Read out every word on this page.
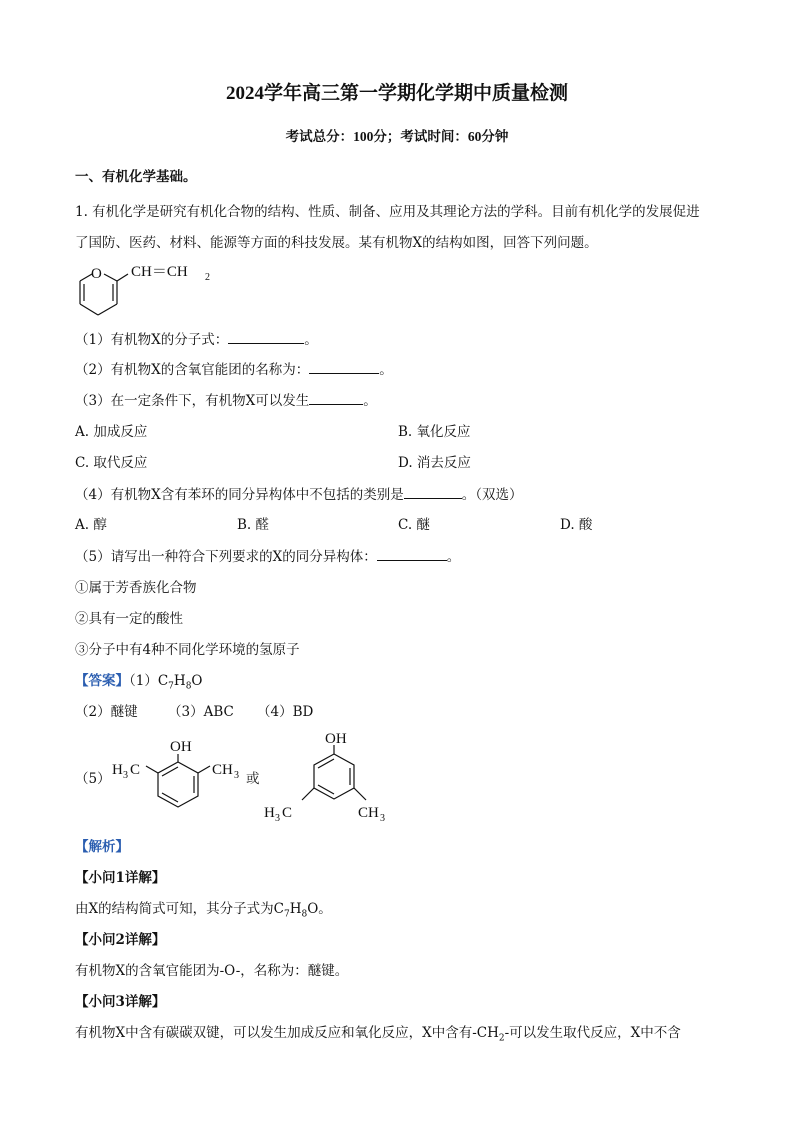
2024学年高三第一学期化学期中质量检测
考试总分：100分；考试时间：60分钟
一、有机化学基础。
1. 有机化学是研究有机化合物的结构、性质、制备、应用及其理论方法的学科。目前有机化学的发展促进
了国防、医药、材料、能源等方面的科技发展。某有机物X的结构如图，回答下列问题。
O CH＝CH 2
（1）有机物X的分子式：	。
（2）有机物X的含氧官能团的名称为：	。
（3）在一定条件下，有机物X可以发生	。
A. 加成反应	B. 氧化反应
C. 取代反应	D. 消去反应
（4）有机物X含有苯环的同分异构体中不包括的类别是	。（双选）
A. 醇	B. 醛	C. 醚	D. 酸
（5）请写出一种符合下列要求的X的同分异构体：	。
①属于芳香族化合物
②具有一定的酸性
③分子中有4种不同化学环境的氢原子
【答案】$(1)C_7H_8O$
（2）醚键 （3）ABC （4）BD
（5）
OH
H 3 C	CH 3 或
OH
H 3 C	CH 3
【解析】
【小问1详解】
由X的结构简式可知，其分子式为$C_7H_8O$。
【小问2详解】
有机物X的含氧官能团为-O-，名称为：醚键。
【小问3详解】
有机物X中含有碳碳双键，可以发生加成反应和氧化反应，X中含有$-CH_2-$可以发生取代反应，X中不含
